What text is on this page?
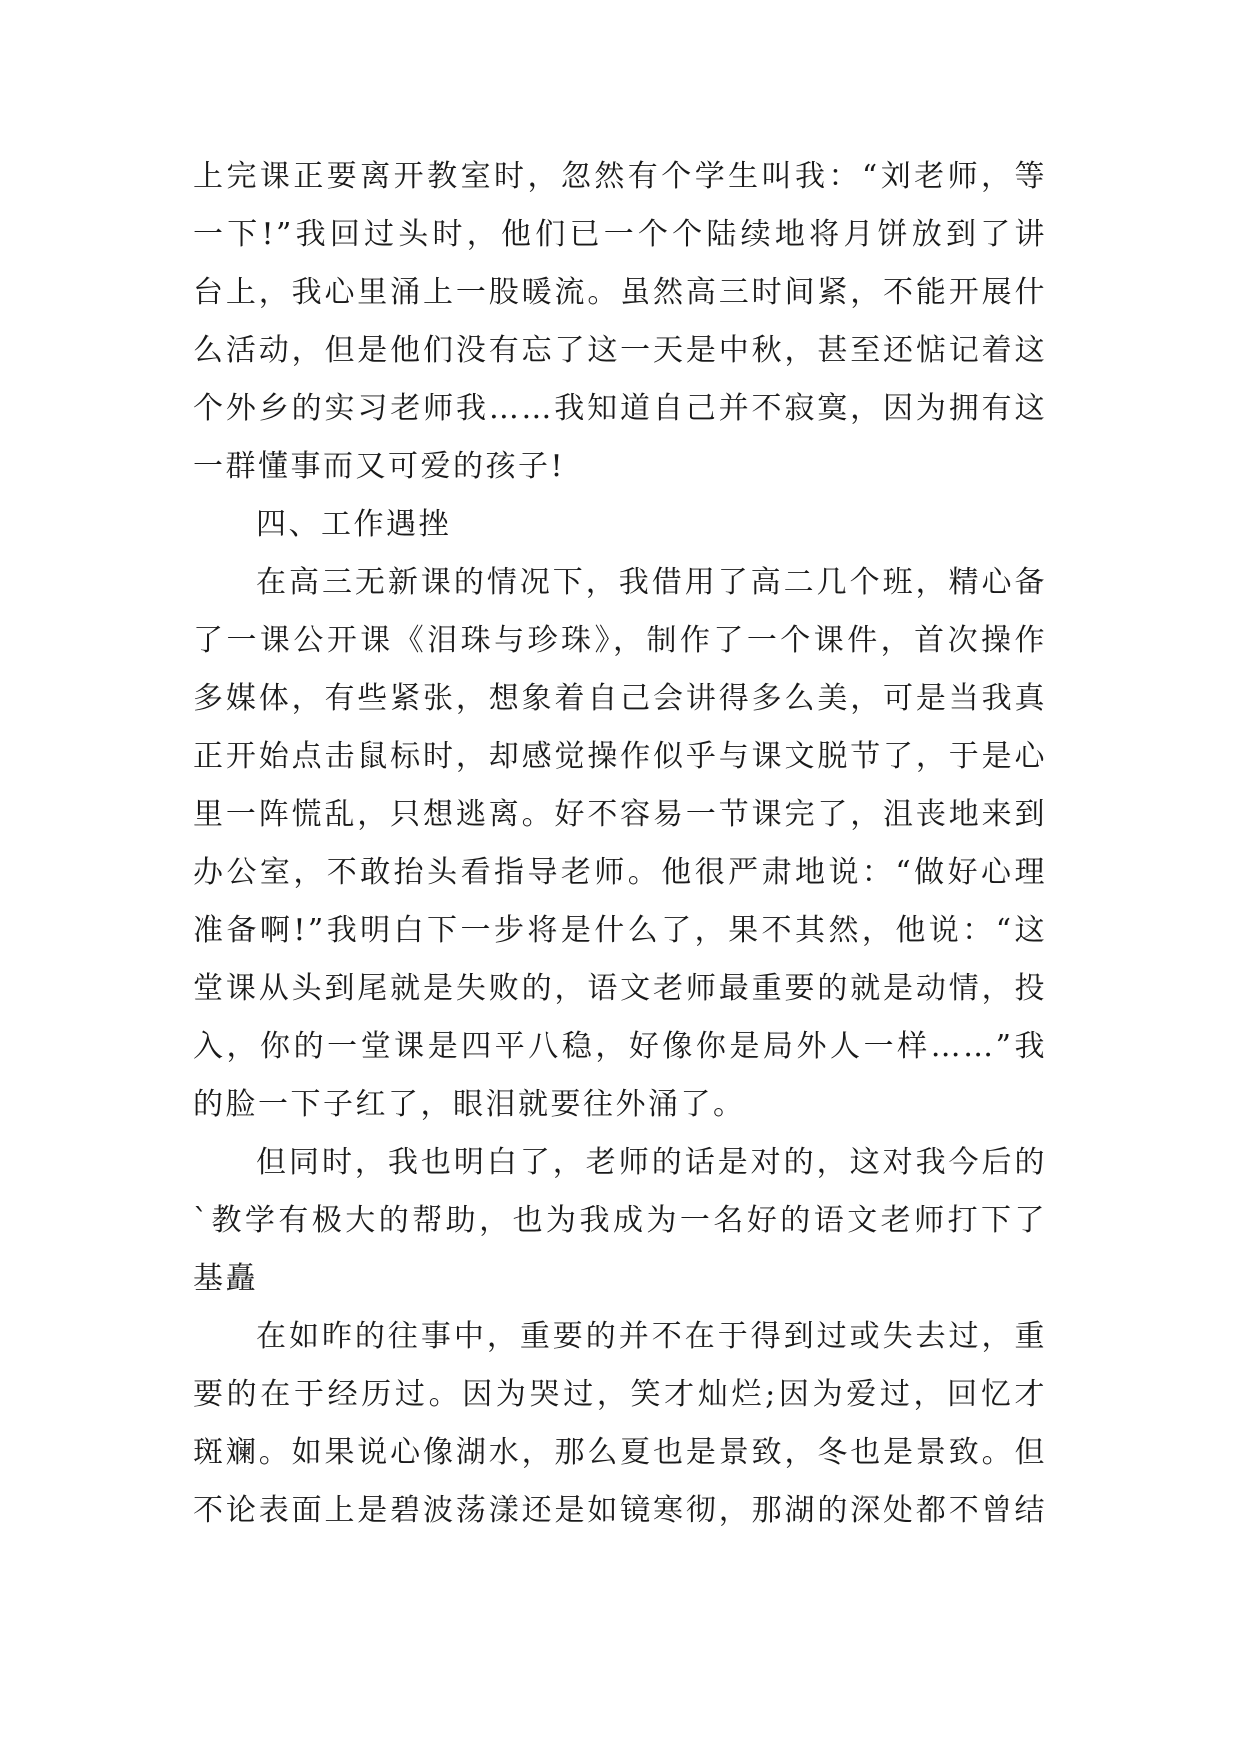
上完课正要离开教室时，忽然有个学生叫我：“刘老师，等
一下!”我回过头时，他们已一个个陆续地将月饼放到了讲
台上，我心里涌上一股暖流。虽然高三时间紧，不能开展什
么活动，但是他们没有忘了这一天是中秋，甚至还惦记着这
个外乡的实习老师我……我知道自己并不寂寞，因为拥有这
一群懂事而又可爱的孩子!
四、工作遇挫
在高三无新课的情况下，我借用了高二几个班，精心备
了一课公开课《泪珠与珍珠》，制作了一个课件，首次操作
多媒体，有些紧张，想象着自己会讲得多么美，可是当我真
正开始点击鼠标时，却感觉操作似乎与课文脱节了，于是心
里一阵慌乱，只想逃离。好不容易一节课完了，沮丧地来到
办公室，不敢抬头看指导老师。他很严肃地说：“做好心理
准备啊!”我明白下一步将是什么了，果不其然，他说：“这
堂课从头到尾就是失败的，语文老师最重要的就是动情，投
入，你的一堂课是四平八稳，好像你是局外人一样……”我
的脸一下子红了，眼泪就要往外涌了。
但同时，我也明白了，老师的话是对的，这对我今后的
`教学有极大的帮助，也为我成为一名好的语文老师打下了
基矗
在如昨的往事中，重要的并不在于得到过或失去过，重
要的在于经历过。因为哭过，笑才灿烂;因为爱过，回忆才
斑斓。如果说心像湖水，那么夏也是景致，冬也是景致。但
不论表面上是碧波荡漾还是如镜寒彻，那湖的深处都不曾结
